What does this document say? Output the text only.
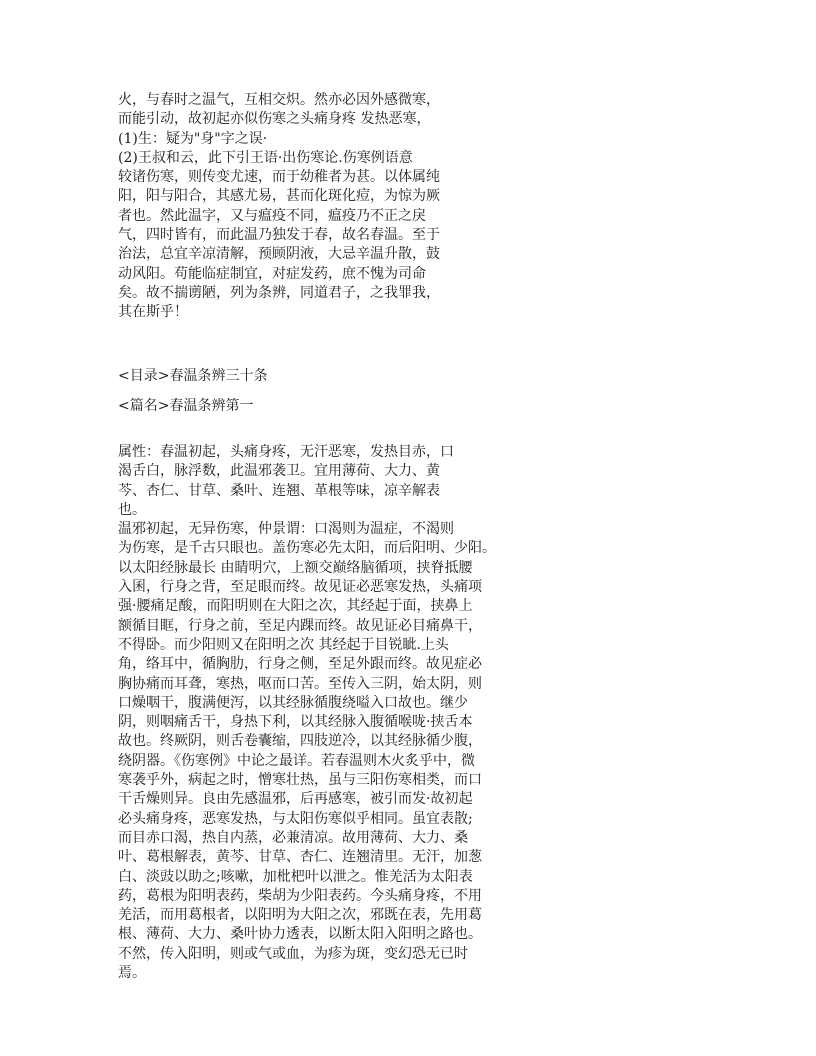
火，与春时之温气，互相交炽。然亦必因外感微寒，
而能引动，故初起亦似伤寒之头痛身疼 发热恶寒，
(1)生：疑为"身"字之误·
(2)王叔和云，此下引王语·出伤寒论.伤寒例语意
较诸伤寒，则传变尤速，而于幼稚者为甚。以体属纯
阳，阳与阳合，其感尤易，甚而化斑化痘，为惊为厥
者也。然此温字，又与瘟疫不同，瘟疫乃不正之戾
气，四时皆有，而此温乃独发于春，故名春温。至于
治法，总宜辛凉清解，预顾阴液，大忌辛温升散，鼓
动风阳。苟能临症制宜，对症发药，庶不愧为司命
矣。故不揣谫陋，列为条辨，同道君子，之我罪我，
其在斯乎！
<目录>春温条辨三十条
<篇名>春温条辨第一
属性：春温初起，头痛身疼，无汗恶寒，发热目赤，口
渴舌白，脉浮数，此温邪袭卫。宜用薄荷、大力、黄
芩、杏仁、甘草、桑叶、连翘、革根等味，凉辛解表
也。
温邪初起，无异伤寒，仲景谓：口渴则为温症，不渴则
为伤寒，是千古只眼也。盖伤寒必先太阳，而后阳明、少阳。
以太阳经脉最长 由睛明穴，上额交巅络脑循项，挟脊抵腰
入囷，行身之背，至足眼而终。故见证必恶寒发热，头痛项
强·腰痛足酸，而阳明则在大阳之次，其经起于面，挟鼻上
额循目眶，行身之前，至足内踝而终。故见证必目痛鼻干，
不得卧。而少阳则又在阳明之次 其经起于目锐眦.上头
角，络耳中，循胸肋，行身之侧，至足外跟而终。故见症必
胸协痛而耳聋，寒热，呕而口苦。至传入三阴，始太阴，则
口燥咽干，腹满便泻，以其经脉循腹绕嗌入口故也。继少
阴，则咽痛舌干，身热下利，以其经脉入腹循喉咙·挟舌本
故也。终厥阴，则舌卷囊缩，四肢逆冷，以其经脉循少腹，
绕阴器。《伤寒例》中论之最详。若春温则木火炙乎中，微
寒袭乎外，病起之时，憎寒壮热，虽与三阳伤寒相类，而口
干舌燥则异。良由先感温邪，后再感寒，被引而发·故初起
必头痛身疼，恶寒发热，与太阳伤寒似乎相同。虽宜表散;
而目赤口渴，热自内蒸，必兼清凉。故用薄荷、大力、桑
叶、葛根解表，黄芩、甘草、杏仁、连翘清里。无汗，加葱
白、淡豉以助之;咳嗽，加枇杷叶以泄之。惟羌活为太阳表
药，葛根为阳明表药，柴胡为少阳表药。今头痛身疼，不用
羌活，而用葛根者，以阳明为大阳之次，邪既在表，先用葛
根、薄荷、大力、桑叶协力透表，以断太阳入阳明之路也。
不然，传入阳明，则或气或血，为疹为斑，变幻恐无已时
焉。
